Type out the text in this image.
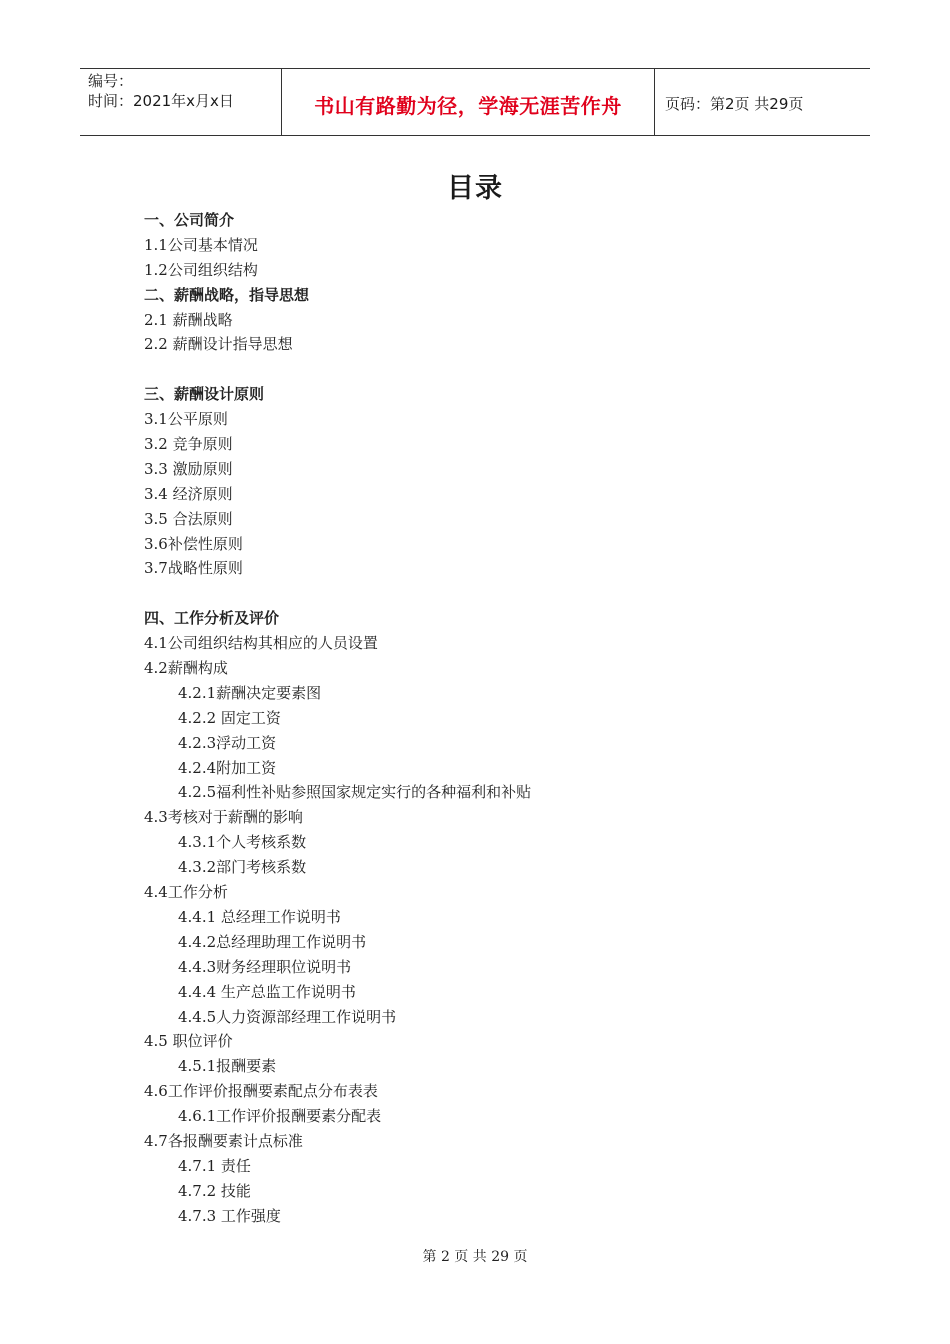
编号：
时间：2021年x月x日	书山有路勤为径，学海无涯苦作舟	页码：第2页 共29页
目录
一、公司简介
1.1公司基本情况
1.2公司组织结构
二、薪酬战略，指导思想
2.1 薪酬战略
2.2 薪酬设计指导思想
三、薪酬设计原则
3.1公平原则
3.2 竞争原则
3.3 激励原则
3.4 经济原则
3.5 合法原则
3.6补偿性原则
3.7战略性原则
四、工作分析及评价
4.1公司组织结构其相应的人员设置
4.2薪酬构成
4.2.1薪酬决定要素图
4.2.2 固定工资
4.2.3浮动工资
4.2.4附加工资
4.2.5福利性补贴参照国家规定实行的各种福利和补贴
4.3考核对于薪酬的影响
4.3.1个人考核系数
4.3.2部门考核系数
4.4工作分析
4.4.1 总经理工作说明书
4.4.2总经理助理工作说明书
4.4.3财务经理职位说明书
4.4.4 生产总监工作说明书
4.4.5人力资源部经理工作说明书
4.5 职位评价
4.5.1报酬要素
4.6工作评价报酬要素配点分布表表
4.6.1工作评价报酬要素分配表
4.7各报酬要素计点标准
4.7.1 责任
4.7.2 技能
4.7.3 工作强度
第 2 页 共 29 页
